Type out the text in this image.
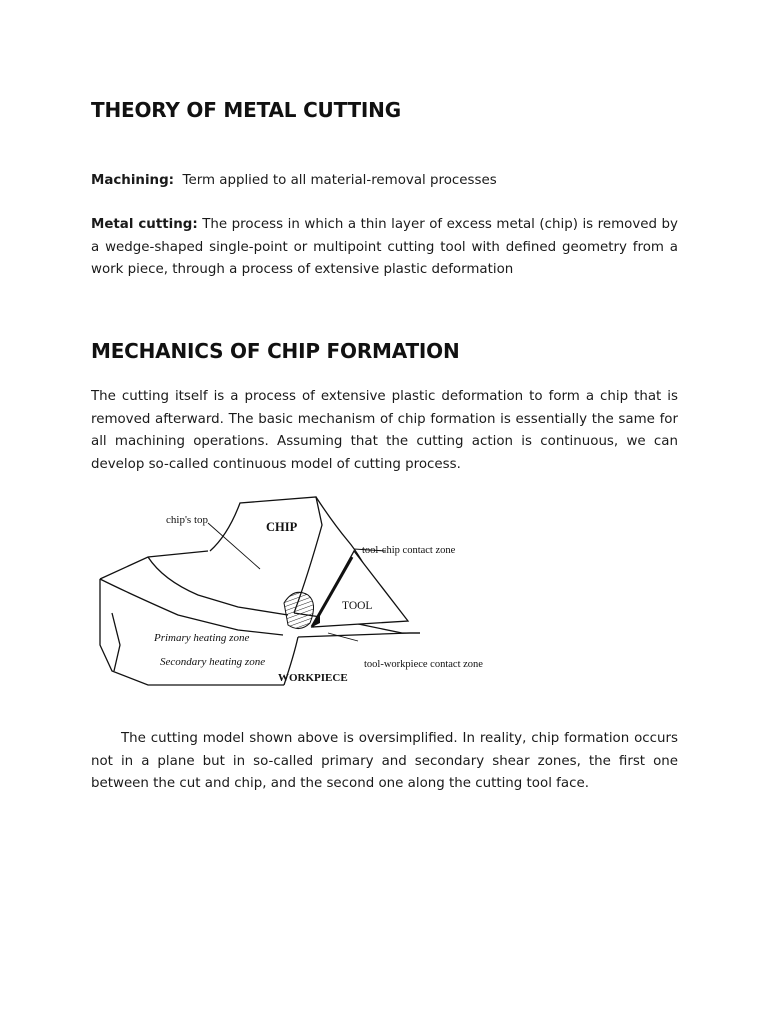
THEORY OF METAL CUTTING
Machining: Term applied to all material-removal processes
Metal cutting: The process in which a thin layer of excess metal (chip) is removed by a wedge-shaped single-point or multipoint cutting tool with defined geometry from a work piece, through a process of extensive plastic deformation
MECHANICS OF CHIP FORMATION
The cutting itself is a process of extensive plastic deformation to form a chip that is removed afterward. The basic mechanism of chip formation is essentially the same for all machining operations. Assuming that the cutting action is continuous, we can develop so-called continuous model of cutting process.
chip's top	CHIP
tool-chip contact zone
TOOL
Primary heating zone
Secondary heating zone	tool-workpiece contact zone
WORKPIECE
The cutting model shown above is oversimplified. In reality, chip formation occurs not in a plane but in so-called primary and secondary shear zones, the first one between the cut and chip, and the second one along the cutting tool face.
